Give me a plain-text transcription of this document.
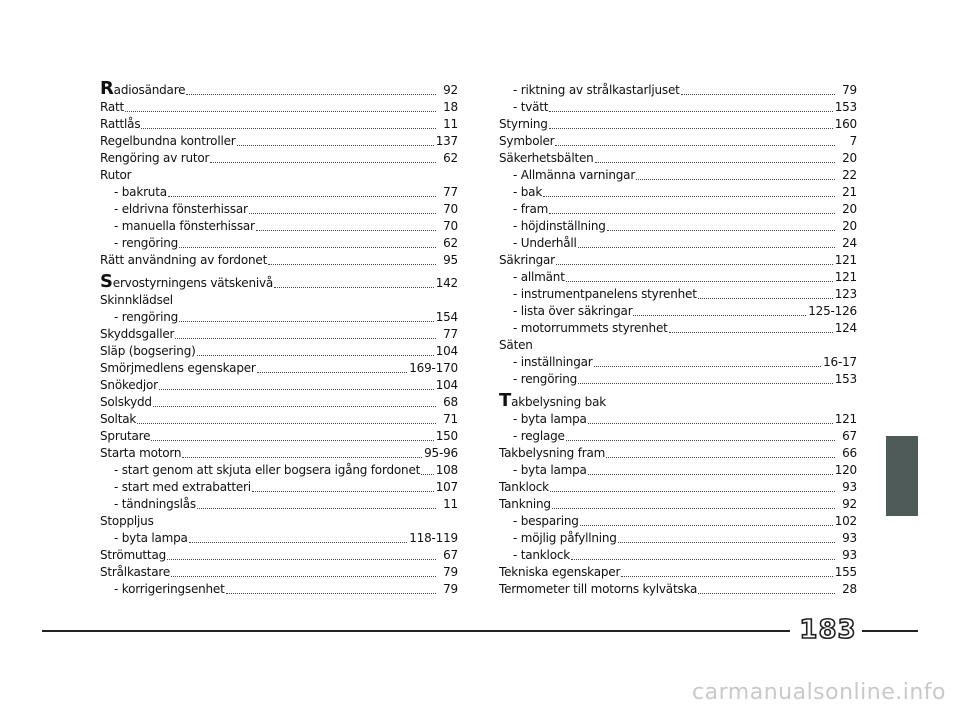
Radiosändare	92
Ratt	18
Rattlås	11
Regelbundna kontroller	137
Rengöring av rutor	62
Rutor
- bakruta	77
- eldrivna fönsterhissar	70
- manuella fönsterhissar	70
- rengöring	62
Rätt användning av fordonet	95
Servostyrningens vätskenivå	142
Skinnklädsel
- rengöring	154
Skyddsgaller	77
Släp (bogsering)	104
Smörjmedlens egenskaper	169-170
Snökedjor	104
Solskydd	68
Soltak	71
Sprutare	150
Starta motorn	95-96
- start genom att skjuta eller bogsera igång fordonet 108
- start med extrabatteri	107
- tändningslås	11
Stoppljus
- byta lampa	118-119
Strömuttag	67
Strålkastare	79
- korrigeringsenhet	79
- riktning av strålkastarljuset	79
- tvätt	153
Styrning	160
Symboler	7
Säkerhetsbälten	20
- Allmänna varningar	22
- bak	21
- fram	20
- höjdinställning	20
- Underhåll	24
Säkringar	121
- allmänt	121
- instrumentpanelens styrenhet	123
- lista över säkringar	125-126
- motorrummets styrenhet	124
Säten
- inställningar	16-17
- rengöring	153
Takbelysning bak
- byta lampa	121
- reglage	67
Takbelysning fram	66
- byta lampa	120
Tanklock	93
Tankning	92
- besparing	102
- möjlig påfyllning	93
- tanklock	93
Tekniska egenskaper	155
Termometer till motorns kylvätska	28
183
carmanualsonline.info
